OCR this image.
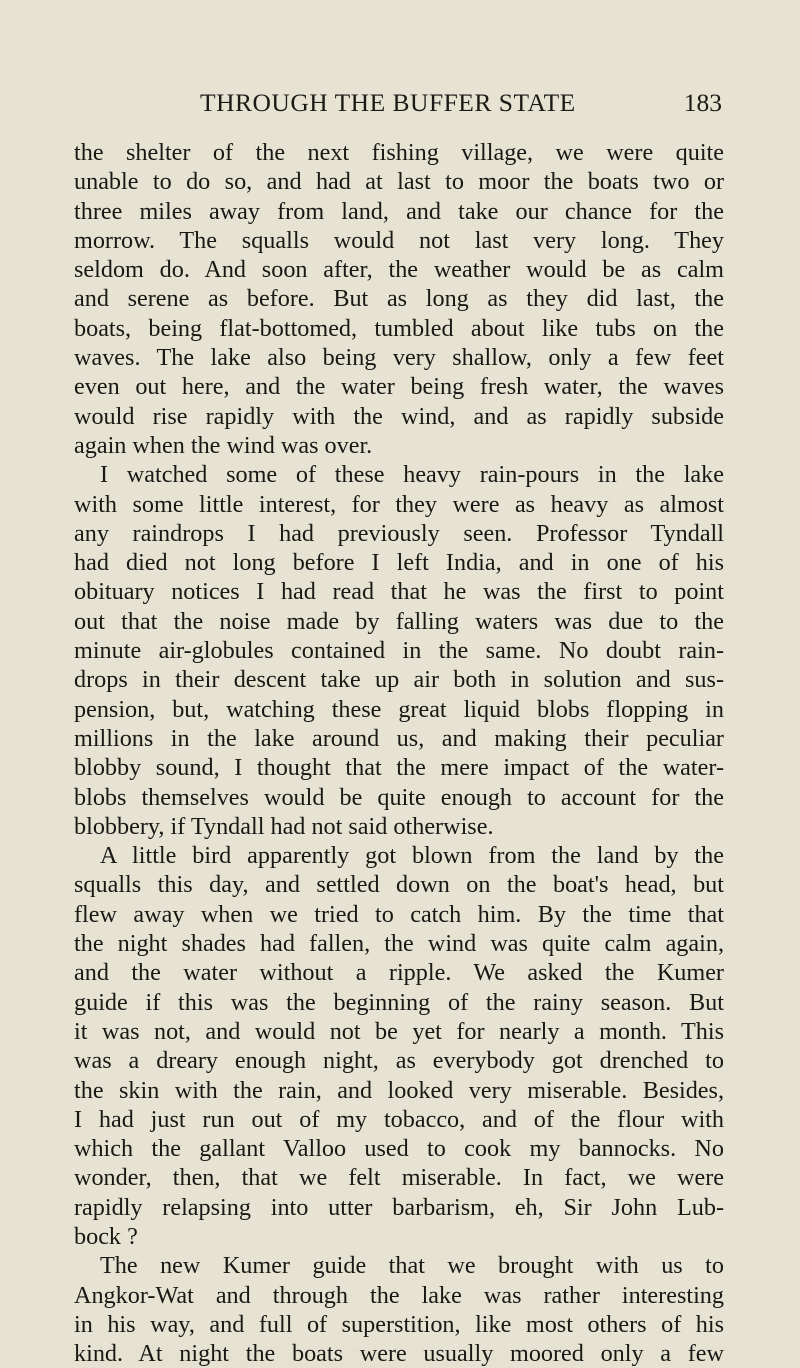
THROUGH THE BUFFER STATE	183
the shelter of the next fishing village, we were quite
unable to do so, and had at last to moor the boats two or
three miles away from land, and take our chance for the
morrow. The squalls would not last very long. They
seldom do. And soon after, the weather would be as calm
and serene as before. But as long as they did last, the
boats, being flat-bottomed, tumbled about like tubs on the
waves. The lake also being very shallow, only a few feet
even out here, and the water being fresh water, the waves
would rise rapidly with the wind, and as rapidly subside
again when the wind was over.
I watched some of these heavy rain-pours in the lake
with some little interest, for they were as heavy as almost
any raindrops I had previously seen. Professor Tyndall
had died not long before I left India, and in one of his
obituary notices I had read that he was the first to point
out that the noise made by falling waters was due to the
minute air-globules contained in the same. No doubt rain-
drops in their descent take up air both in solution and sus-
pension, but, watching these great liquid blobs flopping in
millions in the lake around us, and making their peculiar
blobby sound, I thought that the mere impact of the water-
blobs themselves would be quite enough to account for the
blobbery, if Tyndall had not said otherwise.
A little bird apparently got blown from the land by the
squalls this day, and settled down on the boat's head, but
flew away when we tried to catch him. By the time that
the night shades had fallen, the wind was quite calm again,
and the water without a ripple. We asked the Kumer
guide if this was the beginning of the rainy season. But
it was not, and would not be yet for nearly a month. This
was a dreary enough night, as everybody got drenched to
the skin with the rain, and looked very miserable. Besides,
I had just run out of my tobacco, and of the flour with
which the gallant Valloo used to cook my bannocks. No
wonder, then, that we felt miserable. In fact, we were
rapidly relapsing into utter barbarism, eh, Sir John Lub-
bock ?
The new Kumer guide that we brought with us to
Angkor-Wat and through the lake was rather interesting
in his way, and full of superstition, like most others of his
kind. At night the boats were usually moored only a few
